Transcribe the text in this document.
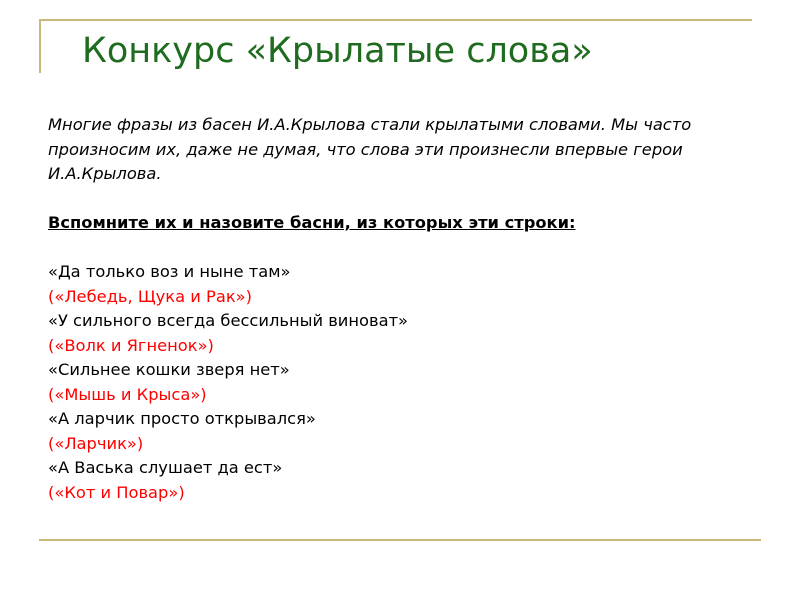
Конкурс «Крылатые слова»

Многие фразы из басен И.А.Крылова стали крылатыми словами. Мы часто произносим их, даже не думая, что слова эти произнесли впервые герои И.А.Крылова.

Вспомните их и назовите басни, из которых эти строки:

«Да только воз и ныне там»
(«Лебедь, Щука и Рак»)
«У сильного всегда бессильный виноват»
(«Волк и Ягненок»)
«Сильнее кошки зверя нет»
(«Мышь и Крыса»)
«А ларчик просто открывался»
(«Ларчик»)
«А Васька слушает да ест»
(«Кот и Повар»)
